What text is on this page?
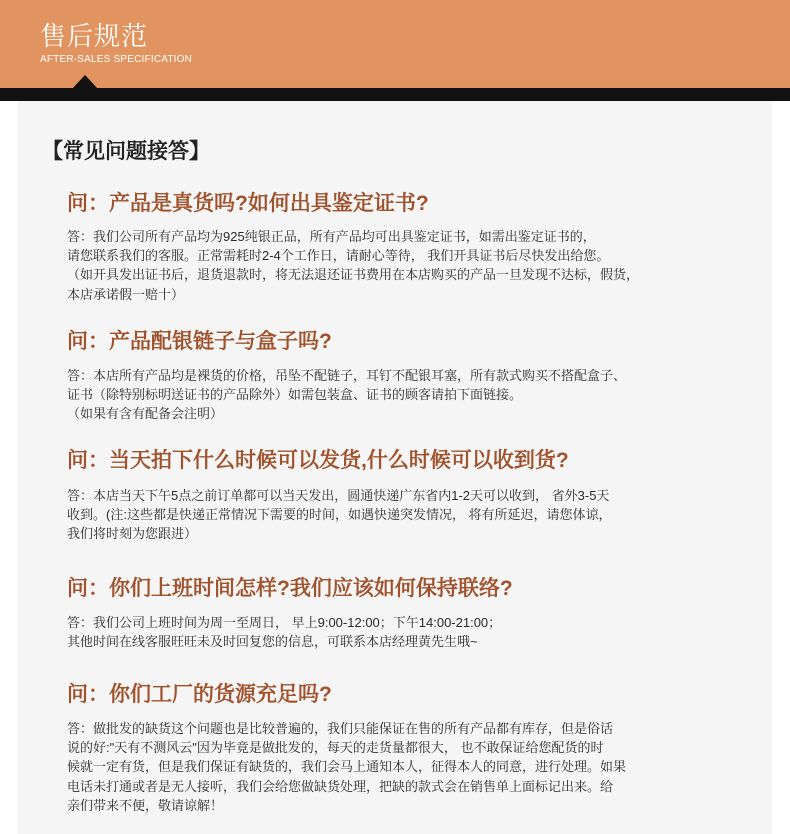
售后规范
AFTER-SALES SPECIFICATION
【常见问题接答】
问：产品是真货吗?如何出具鉴定证书?

答：我们公司所有产品均为925纯银正品，所有产品均可出具鉴定证书，如需出鉴定证书的，

请您联系我们的客服。正常需耗时2-4个工作日，请耐心等待， 我们开具证书后尽快发出给您。

（如开具发出证书后，退货退款时，将无法退还证书费用在本店购买的产品一旦发现不达标，假货，

本店承诺假一赔十）

问：产品配银链子与盒子吗?

答：本店所有产品均是裸货的价格，吊坠不配链子，耳钉不配银耳塞，所有款式购买不搭配盒子、

证书（除特别标明送证书的产品除外）如需包装盒、证书的顾客请拍下面链接。

（如果有含有配备会注明）

问：当天拍下什么时候可以发货,什么时候可以收到货?

答：本店当天下午5点之前订单都可以当天发出，圆通快递广东省内1-2天可以收到， 省外3-5天

收到。(注:这些都是快递正常情况下需要的时间，如遇快递突发情况， 将有所延迟，请您体谅，

我们将时刻为您跟进）

问：你们上班时间怎样?我们应该如何保持联络?

答：我们公司上班时间为周一至周日， 早上9:00-12:00；下午14:00-21:00；

其他时间在线客服旺旺未及时回复您的信息，可联系本店经理黄先生哦~

问：你们工厂的货源充足吗?

答：做批发的缺货这个问题也是比较普遍的，我们只能保证在售的所有产品都有库存，但是俗话

说的好:"天有不测风云"因为毕竟是做批发的，每天的走货量都很大， 也不敢保证给您配货的时

候就一定有货，但是我们保证有缺货的，我们会马上通知本人，征得本人的同意，进行处理。如果

电话未打通或者是无人接听，我们会给您做缺货处理，把缺的款式会在销售单上面标记出来。给

亲们带来不便，敬请谅解！
